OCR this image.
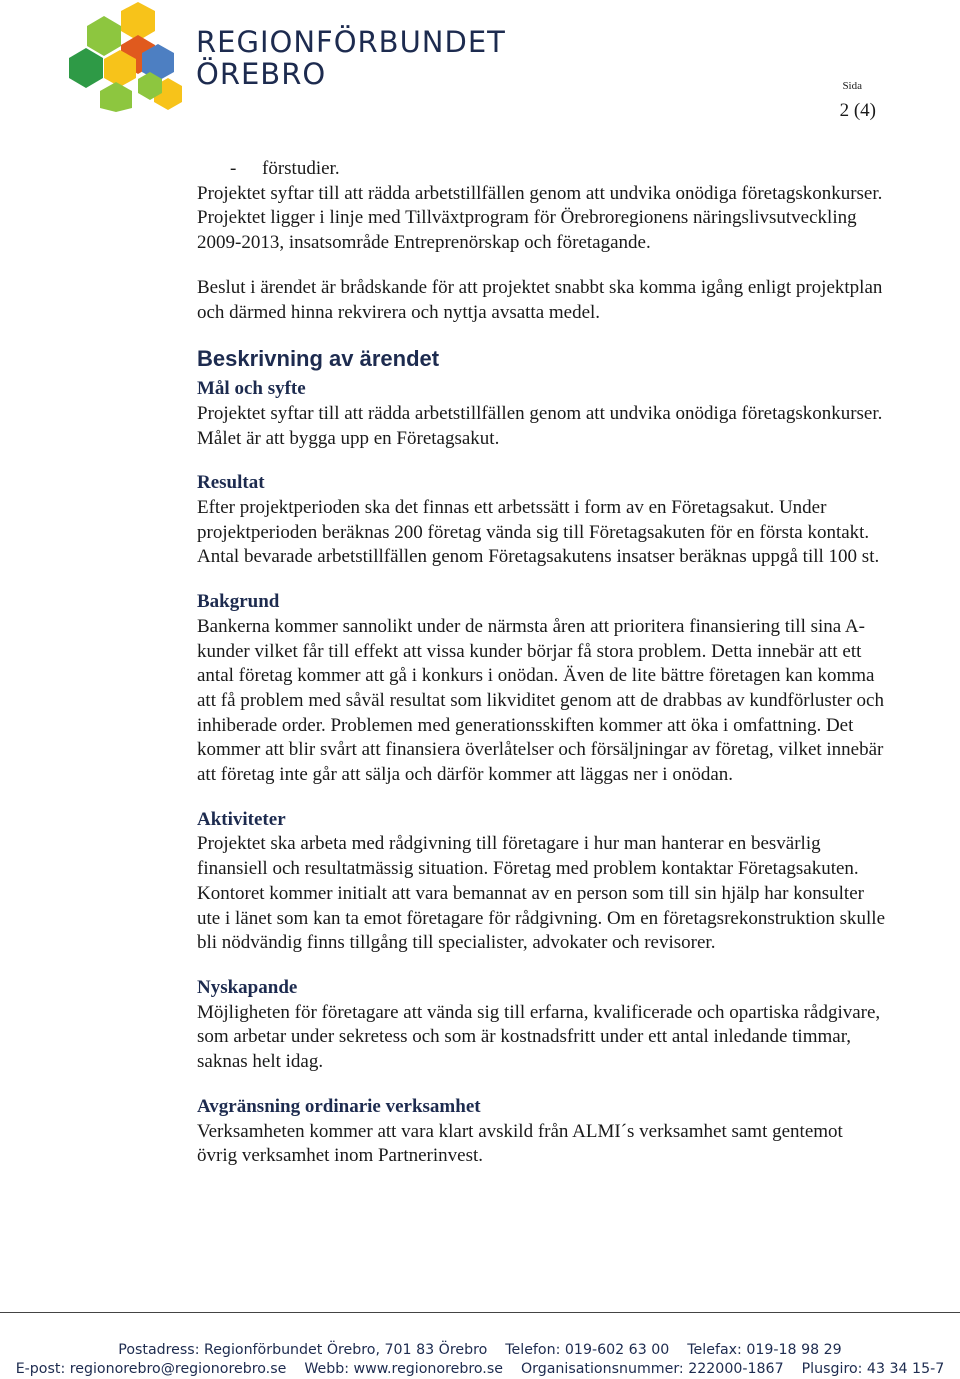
REGIONFÖRBUNDET
ÖREBRO	Sida
2 (4)

- förstudier.

Projektet syftar till att rädda arbetstillfällen genom att undvika onödiga företagskonkurser. Projektet ligger i linje med Tillväxtprogram för Örebroregionens näringslivsutveckling 2009-2013, insatsområde Entreprenörskap och företagande.

Beslut i ärendet är brådskande för att projektet snabbt ska komma igång enligt projektplan och därmed hinna rekvirera och nyttja avsatta medel.

Beskrivning av ärendet
Mål och syfte

Projektet syftar till att rädda arbetstillfällen genom att undvika onödiga företagskonkurser. Målet är att bygga upp en Företagsakut.

Resultat

Efter projektperioden ska det finnas ett arbetssätt i form av en Företagsakut. Under projektperioden beräknas 200 företag vända sig till Företagsakuten för en första kontakt. Antal bevarade arbetstillfällen genom Företagsakutens insatser beräknas uppgå till 100 st.

Bakgrund

Bankerna kommer sannolikt under de närmsta åren att prioritera finansiering till sina A-kunder vilket får till effekt att vissa kunder börjar få stora problem. Detta innebär att ett antal företag kommer att gå i konkurs i onödan. Även de lite bättre företagen kan komma att få problem med såväl resultat som likviditet genom att de drabbas av kundförluster och inhiberade order. Problemen med generationsskiften kommer att öka i omfattning. Det kommer att blir svårt att finansiera överlåtelser och försäljningar av företag, vilket innebär att företag inte går att sälja och därför kommer att läggas ner i onödan.

Aktiviteter

Projektet ska arbeta med rådgivning till företagare i hur man hanterar en besvärlig finansiell och resultatmässig situation. Företag med problem kontaktar Företagsakuten. Kontoret kommer initialt att vara bemannat av en person som till sin hjälp har konsulter ute i länet som kan ta emot företagare för rådgivning. Om en företagsrekonstruktion skulle bli nödvändig finns tillgång till specialister, advokater och revisorer.

Nyskapande

Möjligheten för företagare att vända sig till erfarna, kvalificerade och opartiska rådgivare, som arbetar under sekretess och som är kostnadsfritt under ett antal inledande timmar, saknas helt idag.

Avgränsning ordinarie verksamhet

Verksamheten kommer att vara klart avskild från ALMI´s verksamhet samt gentemot övrig verksamhet inom Partnerinvest.

Postadress: Regionförbundet Örebro, 701 83 Örebro Telefon: 019-602 63 00 Telefax: 019-18 98 29
E-post: regionorebro@regionorebro.se Webb: www.regionorebro.se Organisationsnummer: 222000-1867 Plusgiro: 43 34 15-7
